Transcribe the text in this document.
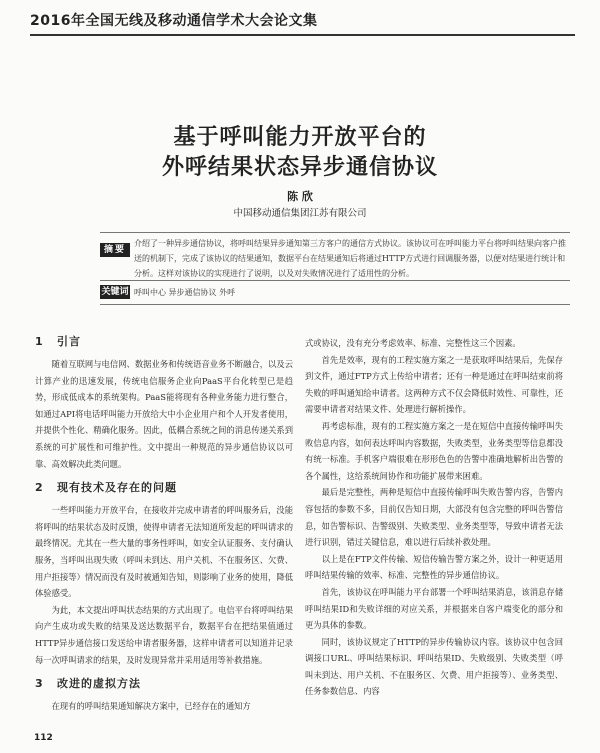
2016年全国无线及移动通信学术大会论文集
基于呼叫能力开放平台的
外呼结果状态异步通信协议
陈 欣
中国移动通信集团江苏有限公司
摘要
介绍了一种异步通信协议，将呼叫结果异步通知第三方客户的通信方式协议。该协议可在呼叫能力平台将呼叫结果向客户推送的机制下，完成了该协议的结果通知，数据平台在结果通知后将通过HTTP方式进行回调服务器，以便对结果进行统计和分析。这样对该协议的实现进行了说明，以及对失败情况进行了适用性的分析。
关键词 呼叫中心 异步通信协议 外呼
1 引言

随着互联网与电信网、数据业务和传统语音业务不断融合，以及云计算产业的迅速发展，传统电信服务企业向PaaS平台化转型已是趋势，形成低成本的系统架构。PaaS能将现有各种业务能力进行整合，如通过API将电话呼叫能力开放给大中小企业用户和个人开发者使用，并提供个性化、精确化服务。因此，低耦合系统之间的消息传递关系到系统的可扩展性和可维护性。文中提出一种规范的异步通信协议以可靠、高效解决此类问题。

2 现有技术及存在的问题

一些呼叫能力开放平台，在接收并完成申请者的呼叫服务后，没能将呼叫的结果状态及时反馈，使得申请者无法知道所发起的呼叫请求的最终情况。尤其在一些大量的事务性呼叫，如安全认证服务、支付确认服务，当呼叫出现失败（呼叫未到达、用户关机、不在服务区、欠费、用户拒接等）情况而没有及时被通知告知，则影响了业务的使用，降低体验感受。

为此，本文提出呼叫状态结果的方式出现了。电信平台将呼叫结果向产生成功或失败的结果及送达数据平台，数据平台在把结果值通过HTTP异步通信接口发送给申请者服务器，这样申请者可以知道并记录每一次呼叫请求的结果，及时发现异常并采用适用等补救措施。

3 改进的虚拟方法

在现有的呼叫结果通知解决方案中，已经存在的通知方

式或协议，没有充分考虑效率、标准、完整性这三个因素。

首先是效率，现有的工程实施方案之一是获取呼叫结果后，先保存到文件，通过FTP方式上传给申请者；还有一种是通过在呼叫结束前将失败的呼叫通知给申请者。这两种方式不仅会降低时效性、可靠性，还需要申请者对结果文件、处理进行解析操作。

再考虑标准，现有的工程实施方案之一是在短信中直接传输呼叫失败信息内容，如何表达呼叫内容数据，失败类型，业务类型等信息都没有统一标准。手机客户端很难在形形色色的告警中准确地解析出告警的各个属性，这给系统间协作和功能扩展带来困难。

最后是完整性，两种是短信中直接传输呼叫失败告警内容，告警内容包括的参数不多，目前仅告知日期，大部没有包含完整的呼叫告警信息，如告警标识、告警级别、失败类型、业务类型等，导致申请者无法进行识别，错过关键信息，难以进行后续补救处理。

以上是在FTP文件传输、短信传输告警方案之外，设计一种更适用呼叫结果传输的效率、标准、完整性的异步通信协议。

首先，该协议在呼叫能力平台部署一个呼叫结果消息，该消息存储呼叫结果ID和失败详细的对应关系，并根据来自客户端变化的部分和更为具体的参数。

同时，该协议规定了HTTP的异步传输协议内容。该协议中包含回调接口URL、呼叫结果标识、呼叫结果ID、失败级别、失败类型（呼叫未到达、用户关机、不在服务区、欠费、用户拒接等）、业务类型、任务参数信息、内容

112
